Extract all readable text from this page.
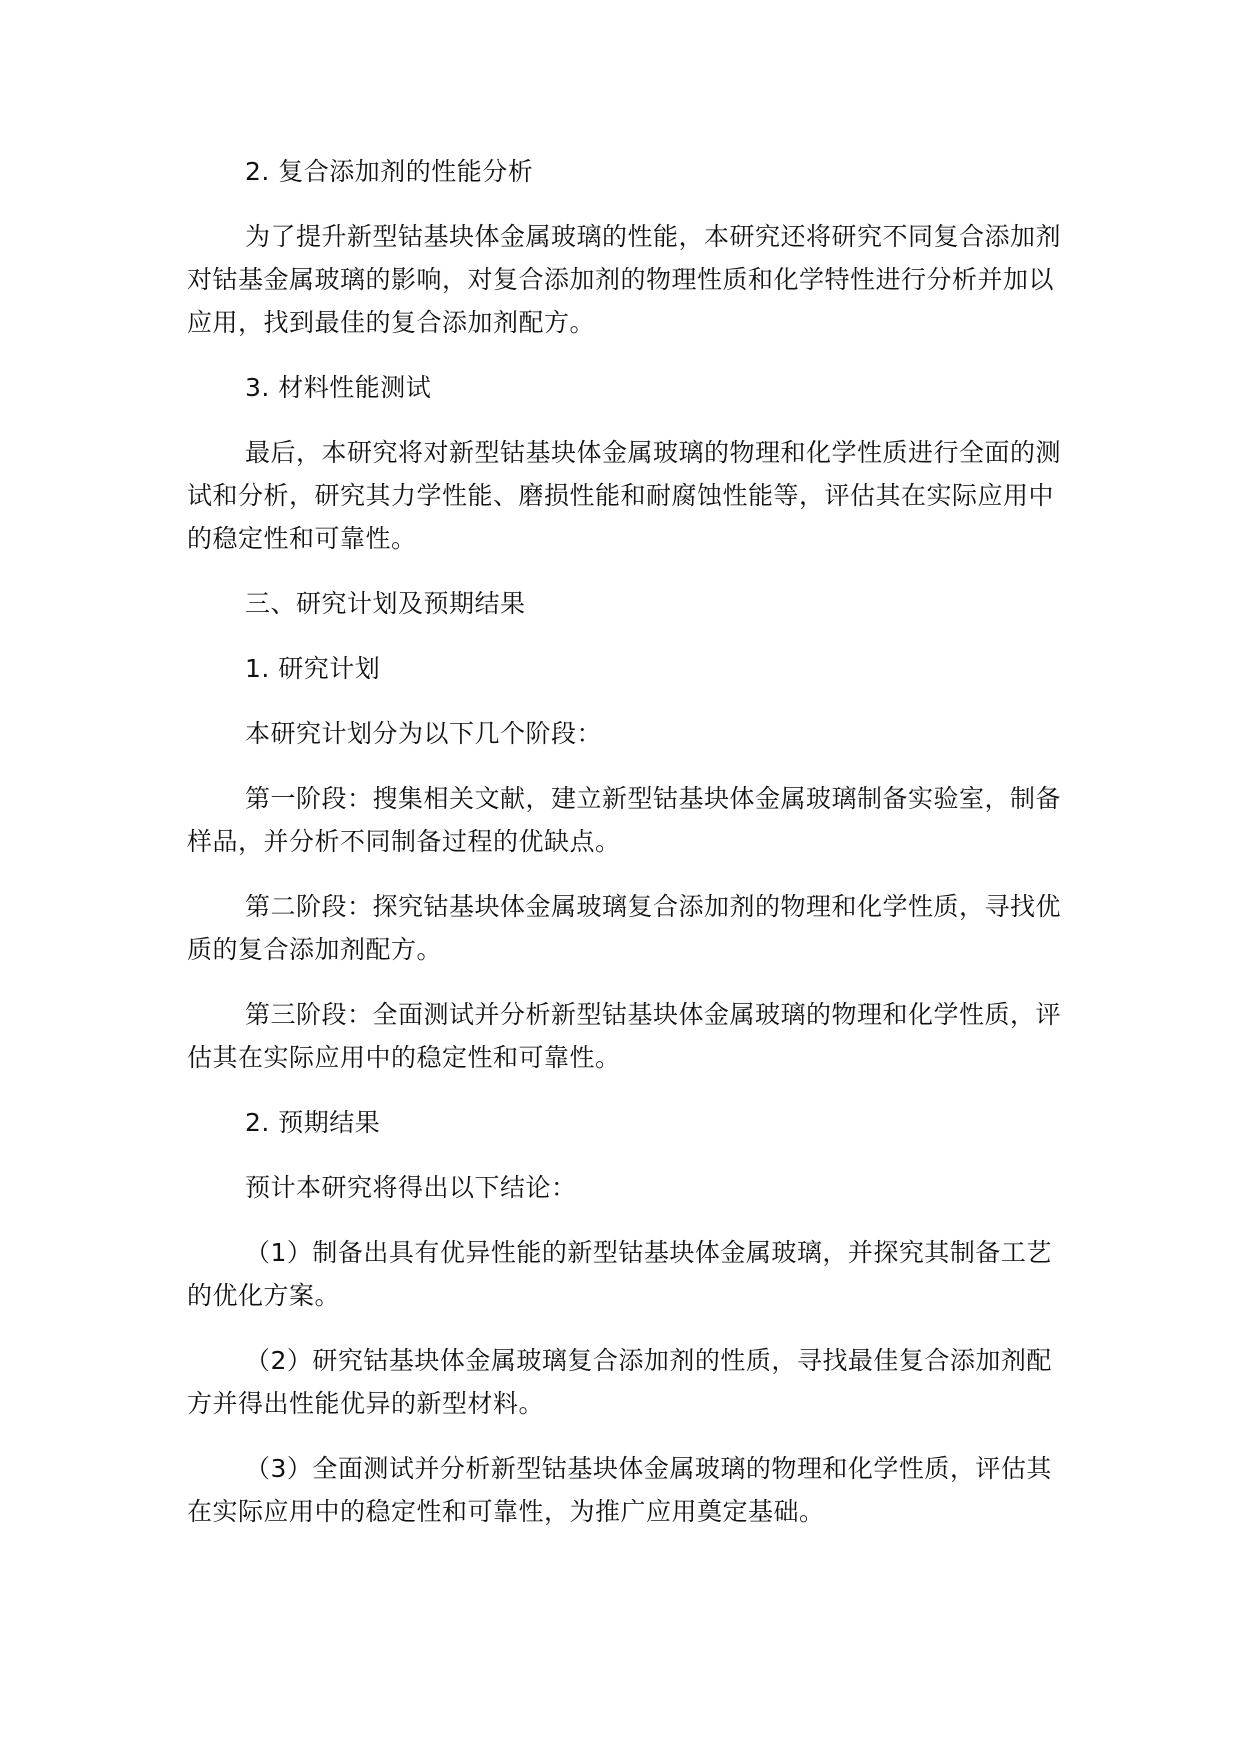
2. 复合添加剂的性能分析

为了提升新型钴基块体金属玻璃的性能，本研究还将研究不同复合添加剂对钴基金属玻璃的影响，对复合添加剂的物理性质和化学特性进行分析并加以应用，找到最佳的复合添加剂配方。

3. 材料性能测试

最后，本研究将对新型钴基块体金属玻璃的物理和化学性质进行全面的测试和分析，研究其力学性能、磨损性能和耐腐蚀性能等，评估其在实际应用中的稳定性和可靠性。

三、研究计划及预期结果

1. 研究计划

本研究计划分为以下几个阶段：

第一阶段：搜集相关文献，建立新型钴基块体金属玻璃制备实验室，制备样品，并分析不同制备过程的优缺点。

第二阶段：探究钴基块体金属玻璃复合添加剂的物理和化学性质，寻找优质的复合添加剂配方。

第三阶段：全面测试并分析新型钴基块体金属玻璃的物理和化学性质，评估其在实际应用中的稳定性和可靠性。

2. 预期结果

预计本研究将得出以下结论：

（1）制备出具有优异性能的新型钴基块体金属玻璃，并探究其制备工艺的优化方案。

（2）研究钴基块体金属玻璃复合添加剂的性质，寻找最佳复合添加剂配方并得出性能优异的新型材料。

（3）全面测试并分析新型钴基块体金属玻璃的物理和化学性质，评估其在实际应用中的稳定性和可靠性，为推广应用奠定基础。
